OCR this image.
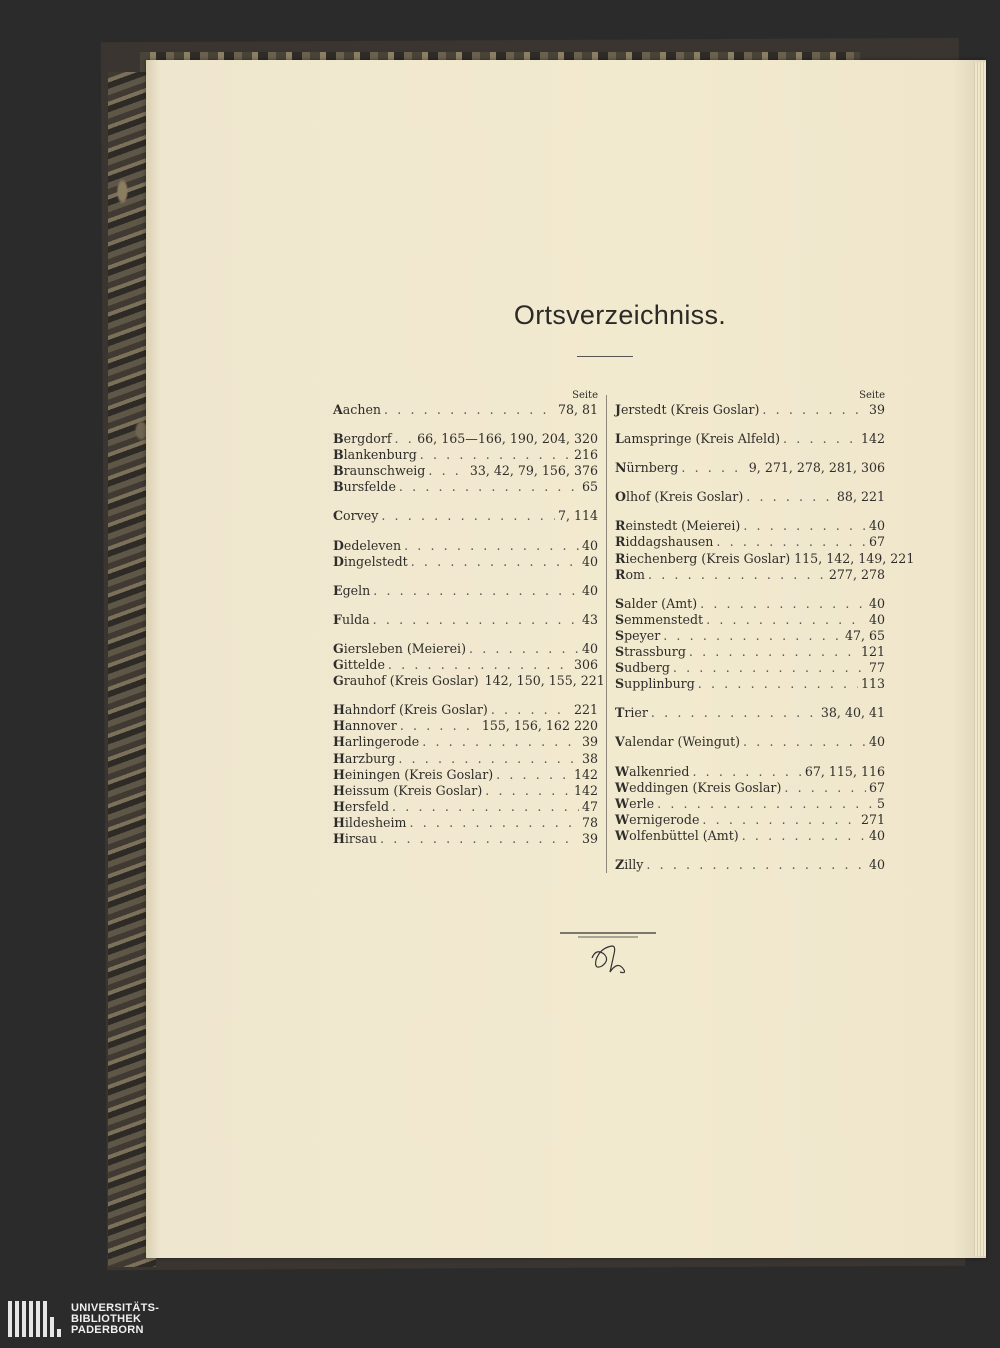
Ortsverzeichniss.
Seite
Aachen . . .	78, 81
Bergdorf . . . 66, 165—166, 190, 204, 320
Blankenburg . . .	216
Braunschweig . . .	33, 42, 79, 156, 376
Bursfelde . . .	65
Corvey . . .	7, 114
Dedeleven . . .	40
Dingelstedt . . .	40
Egeln . . .	40
Fulda . . .	43
Giersleben (Meierei) . . .	40
Gittelde . . .	306
Grauhof (Kreis Goslar) 142, 150, 155, 221
Hahndorf (Kreis Goslar) . . .	221
Hannover . . .	155, 156, 162 220
Harlingerode . . .	39
Harzburg . . .	38
Heiningen (Kreis Goslar) . . .	142
Heissum (Kreis Goslar) . . .	142
Hersfeld . . .	47
Hildesheim . . .	78
Hirsau . . .	39
Seite
Jerstedt (Kreis Goslar) . . .	39
Lamspringe (Kreis Alfeld) . . .	142
Nürnberg . . .	9, 271, 278, 281, 306
Olhof (Kreis Goslar) . . .	88, 221
Reinstedt (Meierei) . . .	40
Riddagshausen . . .	67
Riechenberg (Kreis Goslar) 115, 142, 149, 221
Rom . . .	277, 278
Salder (Amt) . . .	40
Semmenstedt . . .	40
Speyer . . .	47, 65
Strassburg . . .	121
Sudberg . . .	77
Supplinburg . . .	113
Trier . . .	38, 40, 41
Valendar (Weingut) . . .	40
Walkenried . . .	67, 115, 116
Weddingen (Kreis Goslar) . . .	67
Werle . . .	5
Wernigerode . . .	271
Wolfenbüttel (Amt) . . .	40
Zilly . . .	40
UNIVERSITÄTS-
BIBLIOTHEK
PADERBORN
